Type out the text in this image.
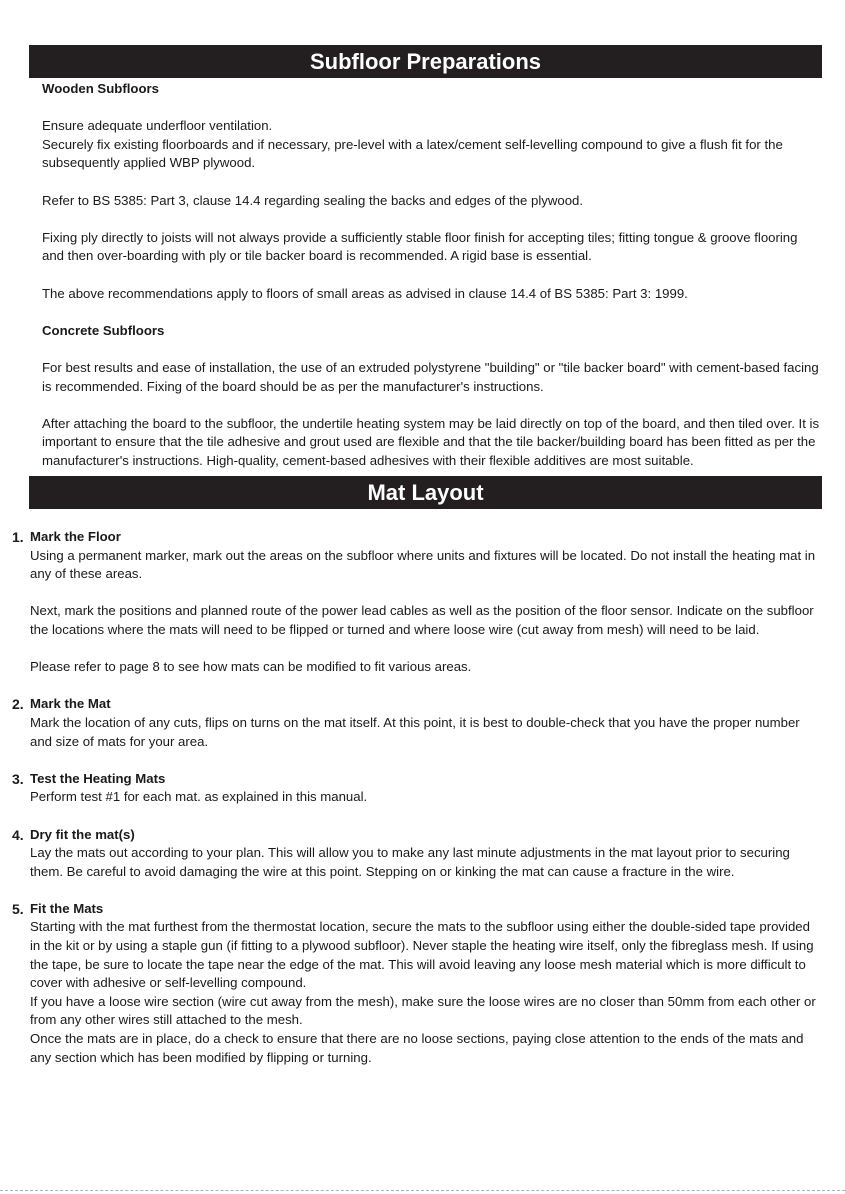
Subfloor Preparations

Wooden Subfloors

Ensure adequate underfloor ventilation.

Securely fix existing floorboards and if necessary, pre-level with a latex/cement self-levelling compound to give a flush fit for the subsequently applied WBP plywood.

Refer to BS 5385: Part 3, clause 14.4 regarding sealing the backs and edges of the plywood.

Fixing ply directly to joists will not always provide a sufficiently stable floor finish for accepting tiles; fitting tongue & groove flooring and then over-boarding with ply or tile backer board is recommended. A rigid base is essential.

The above recommendations apply to floors of small areas as advised in clause 14.4 of BS 5385: Part 3: 1999.

Concrete Subfloors

For best results and ease of installation, the use of an extruded polystyrene "building" or "tile backer board" with cement-based facing is recommended. Fixing of the board should be as per the manufacturer's instructions.

After attaching the board to the subfloor, the undertile heating system may be laid directly on top of the board, and then tiled over. It is important to ensure that the tile adhesive and grout used are flexible and that the tile backer/building board has been fitted as per the manufacturer's instructions. High-quality, cement-based adhesives with their flexible additives are most suitable.

Mat Layout
1. Mark the Floor

Using a permanent marker, mark out the areas on the subfloor where units and fixtures will be located. Do not install the heating mat in any of these areas.

Next, mark the positions and planned route of the power lead cables as well as the position of the floor sensor. Indicate on the subfloor the locations where the mats will need to be flipped or turned and where loose wire (cut away from mesh) will need to be laid.

Please refer to page 8 to see how mats can be modified to fit various areas.

2. Mark the Mat

Mark the location of any cuts, flips on turns on the mat itself. At this point, it is best to double-check that you have the proper number and size of mats for your area.

3. Test the Heating Mats

Perform test #1 for each mat. as explained in this manual.

4. Dry fit the mat(s)

Lay the mats out according to your plan. This will allow you to make any last minute adjustments in the mat layout prior to securing them. Be careful to avoid damaging the wire at this point. Stepping on or kinking the mat can cause a fracture in the wire.

5. Fit the Mats

Starting with the mat furthest from the thermostat location, secure the mats to the subfloor using either the double-sided tape provided in the kit or by using a staple gun (if fitting to a plywood subfloor). Never staple the heating wire itself, only the fibreglass mesh. If using the tape, be sure to locate the tape near the edge of the mat. This will avoid leaving any loose mesh material which is more difficult to cover with adhesive or self-levelling compound.

If you have a loose wire section (wire cut away from the mesh), make sure the loose wires are no closer than 50mm from each other or from any other wires still attached to the mesh.

Once the mats are in place, do a check to ensure that there are no loose sections, paying close attention to the ends of the mats and any section which has been modified by flipping or turning.
